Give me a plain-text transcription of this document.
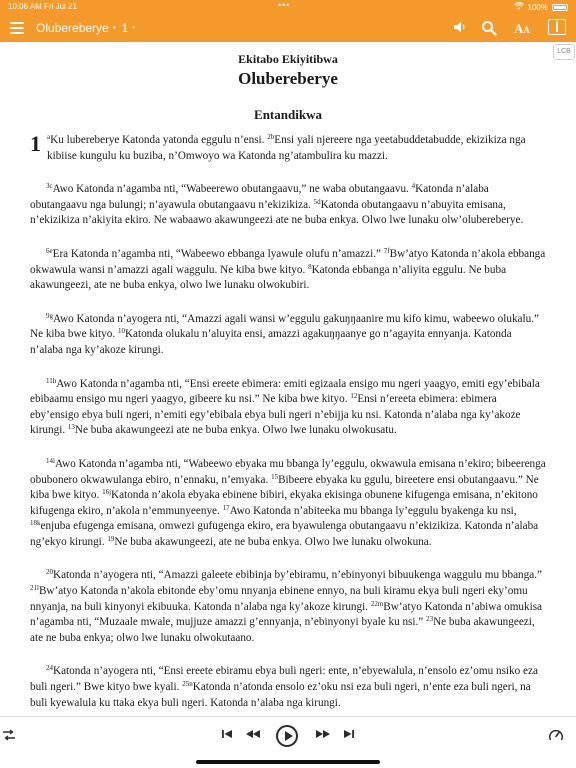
10:06 AM Fri Jul 21	•••	100%
Olubereberye • 1 •	AA
LCB
Ekitabo Ekiyitibwa
Olubereberye
Entandikwa

1 $^a$Ku lubereberye Katonda yatonda eggulu n’ensi. $^{2b}$Ensi yali njereere nga yeetabuddetabudde, ekizikiza nga kibiise kungulu ku buziba, n’Omwoyo wa Katonda ng’atambulira ku mazzi.

$^{3c}$Awo Katonda n’agamba nti, “Wabeerewo obutangaavu,” ne waba obutangaavu. $^4$Katonda n’alaba obutangaavu nga bulungi; n’ayawula obutangaavu n’ekizikiza. $^{5d}$Katonda obutangaavu n’abuyita emisana, n’ekizikiza n’akiyita ekiro. Ne wabaawo akawungeezi ate ne buba enkya. Olwo lwe lunaku olw’olubereberye.

$^{6e}$Era Katonda n’agamba nti, “Wabeewo ebbanga lyawule olufu n’amazzi.” $^{7f}$Bw’atyo Katonda n’akola ebbanga okwawula wansi n’amazzi agali waggulu. Ne kiba bwe kityo. $^8$Katonda ebbanga n’aliyita eggulu. Ne buba akawungeezi, ate ne buba enkya, olwo lwe lunaku olwokubiri.

$^{9g}$Awo Katonda n’ayogera nti, “Amazzi agali wansi w’eggulu gakuŋŋaanire mu kifo kimu, wabeewo olukalu.” Ne kiba bwe kityo. $^{10}$Katonda olukalu n’aluyita ensi, amazzi agakuŋŋaanye go n’agayita ennyanja. Katonda n’alaba nga ky’akoze kirungi.

$^{11h}$Awo Katonda n’agamba nti, “Ensi ereete ebimera: emiti egizaala ensigo mu ngeri yaagyo, emiti egy’ebibala ebibaamu ensigo mu ngeri yaagyo, gibeere ku nsi.” Ne kiba bwe kityo. $^{12}$Ensi n’ereeta ebimera: ebimera eby’ensigo ebya buli ngeri, n’emiti egy’ebibala ebya buli ngeri n’ebijja ku nsi. Katonda n’alaba nga ky’akoze kirungi. $^{13}$Ne buba akawungeezi ate ne buba enkya. Olwo lwe lunaku olwokusatu.

$^{14i}$Awo Katonda n’agamba nti, “Wabeewo ebyaka mu bbanga ly’eggulu, okwawula emisana n’ekiro; bibeerenga obubonero okwawulanga ebiro, n’ennaku, n’emyaka. $^{15}$Bibeere ebyaka ku ggulu, bireetere ensi obutangaavu.” Ne kiba bwe kityo. $^{16j}$Katonda n’akola ebyaka ebinene bibiri, ekyaka ekisinga obunene kifugenga emisana, n’ekitono kifugenga ekiro, n’akola n’emmunyeenye. $^{17}$Awo Katonda n’abiteeka mu bbanga ly’eggulu byakenga ku nsi, $^{18k}$enjuba efugenga emisana, omwezi gufugenga ekiro, era byawulenga obutangaavu n’ekizikiza. Katonda n’alaba ng’ekyo kirungi. $^{19}$Ne buba akawungeezi, ate ne buba enkya. Olwo lwe lunaku olwokuna.

$^{20}$Katonda n’ayogera nti, “Amazzi galeete ebibinja by’ebiramu, n’ebinyonyi bibuukenga waggulu mu bbanga.” $^{21l}$Bw’atyo Katonda n’akola ebitonde eby’omu nnyanja ebinene ennyo, na buli kiramu ekya buli ngeri eky’omu nnyanja, na buli kinyonyi ekibuuka. Katonda n’alaba nga ky’akoze kirungi. $^{22m}$Bw’atyo Katonda n’abiwa omukisa n’agamba nti, “Muzaale mwale, mujjuze amazzi g’ennyanja, n’ebinyonyi byale ku nsi.” $^{23}$Ne buba akawungeezi, ate ne buba enkya; olwo lwe lunaku olwokutaano.

$^{24}$Katonda n’ayogera nti, “Ensi ereete ebiramu ebya buli ngeri: ente, n’ebyewalula, n’ensolo ez’omu nsiko eza buli ngeri.” Bwe kityo bwe kyali. $^{25n}$Katonda n’atonda ensolo ez’oku nsi eza buli ngeri, n’ente eza buli ngeri, na buli kyewalula ku ttaka ekya buli ngeri. Katonda n’alaba nga kirungi.
